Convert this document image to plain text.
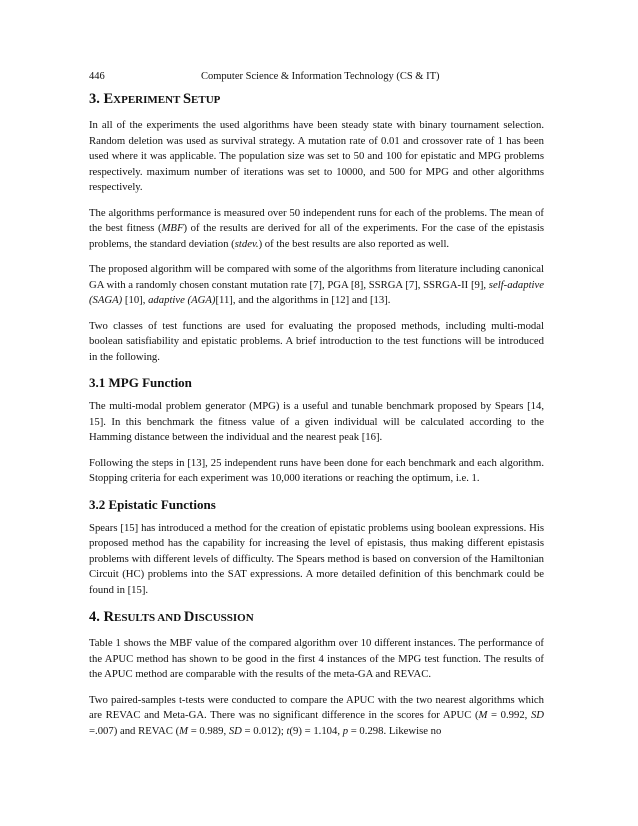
446	Computer Science & Information Technology (CS & IT)
3. EXPERIMENT SETUP

In all of the experiments the used algorithms have been steady state with binary tournament selection. Random deletion was used as survival strategy. A mutation rate of 0.01 and crossover rate of 1 has been used where it was applicable. The population size was set to 50 and 100 for epistatic and MPG problems respectively. maximum number of iterations was set to 10000, and 500 for MPG and other algorithms respectively.

The algorithms performance is measured over 50 independent runs for each of the problems. The mean of the best fitness (MBF) of the results are derived for all of the experiments. For the case of the epistasis problems, the standard deviation (stdev.) of the best results are also reported as well.

The proposed algorithm will be compared with some of the algorithms from literature including canonical GA with a randomly chosen constant mutation rate [7], PGA [8], SSRGA [7], SSRGA-II [9], self-adaptive (SAGA) [10], adaptive (AGA)[11], and the algorithms in [12] and [13].

Two classes of test functions are used for evaluating the proposed methods, including multi-modal boolean satisfiability and epistatic problems. A brief introduction to the test functions will be introduced in the following.

3.1 MPG Function

The multi-modal problem generator (MPG) is a useful and tunable benchmark proposed by Spears [14, 15]. In this benchmark the fitness value of a given individual will be calculated according to the Hamming distance between the individual and the nearest peak [16].

Following the steps in [13], 25 independent runs have been done for each benchmark and each algorithm. Stopping criteria for each experiment was 10,000 iterations or reaching the optimum, i.e. 1.

3.2 Epistatic Functions

Spears [15] has introduced a method for the creation of epistatic problems using boolean expressions. His proposed method has the capability for increasing the level of epistasis, thus making different epistasis problems with different levels of difficulty. The Spears method is based on conversion of the Hamiltonian Circuit (HC) problems into the SAT expressions. A more detailed definition of this benchmark could be found in [15].

4. RESULTS AND DISCUSSION

Table 1 shows the MBF value of the compared algorithm over 10 different instances. The performance of the APUC method has shown to be good in the first 4 instances of the MPG test function. The results of the APUC method are comparable with the results of the meta-GA and REVAC.

Two paired-samples t-tests were conducted to compare the APUC with the two nearest algorithms which are REVAC and Meta-GA. There was no significant difference in the scores for APUC (M = 0.992, SD =.007) and REVAC (M = 0.989, SD = 0.012); t(9) = 1.104, p = 0.298. Likewise no
